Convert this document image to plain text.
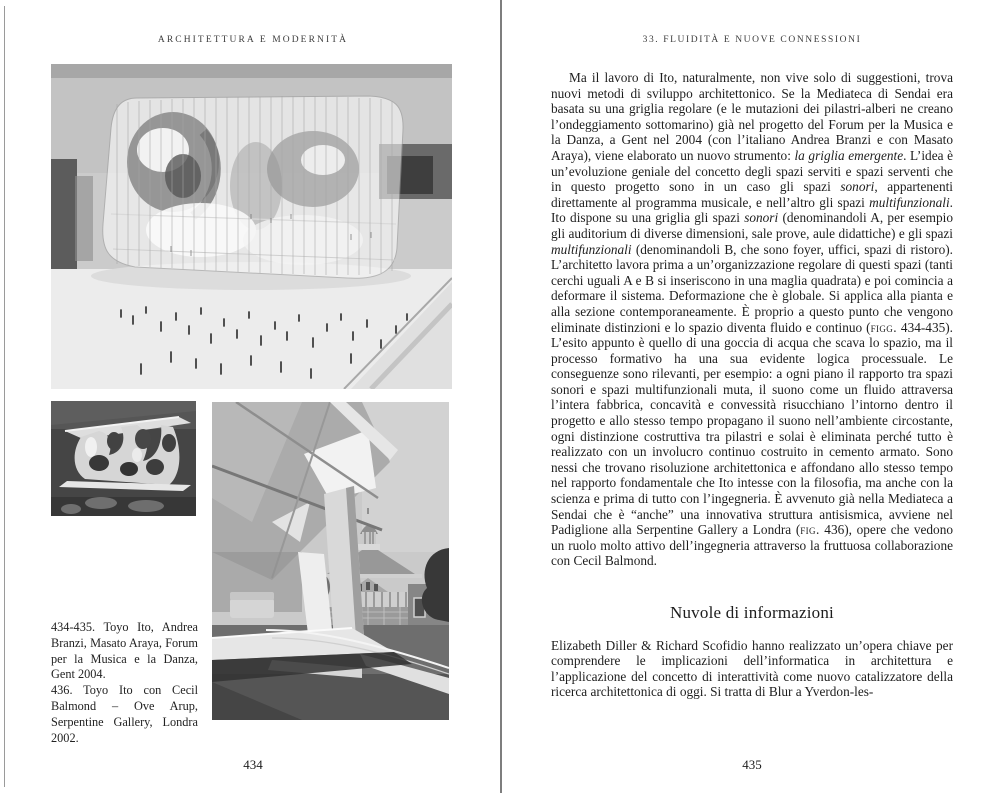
ARCHITETTURA E MODERNITÀ

434-435. Toyo Ito, Andrea Branzi, Masato Araya, Forum per la Musica e la Danza, Gent 2004.

436. Toyo Ito con Cecil Balmond – Ove Arup, Serpentine Gallery, Londra 2002.

434
33. FLUIDITÀ E NUOVE CONNESSIONI

Ma il lavoro di Ito, naturalmente, non vive solo di suggestioni, trova nuovi metodi di sviluppo architettonico. Se la Mediateca di Sendai era basata su una griglia regolare (e le mutazioni dei pilastri-alberi ne creano l’ondeggiamento sottomarino) già nel progetto del Forum per la Musica e la Danza, a Gent nel 2004 (con l’italiano Andrea Branzi e con Masato Araya), viene elaborato un nuovo strumento: la griglia emergente. L’idea è un’evoluzione geniale del concetto degli spazi serviti e spazi serventi che in questo progetto sono in un caso gli spazi sonori, appartenenti direttamente al programma musicale, e nell’altro gli spazi multifunzionali. Ito dispone su una griglia gli spazi sonori (denominandoli A, per esempio gli auditorium di diverse dimensioni, sale prove, aule didattiche) e gli spazi multifunzionali (denominandoli B, che sono foyer, uffici, spazi di ristoro). L’architetto lavora prima a un’organizzazione regolare di questi spazi (tanti cerchi uguali A e B si inseriscono in una maglia quadrata) e poi comincia a deformare il sistema. Deformazione che è globale. Si applica alla pianta e alla sezione contemporaneamente. È proprio a questo punto che vengono eliminate distinzioni e lo spazio diventa fluido e continuo (figg. 434-435). L’esito appunto è quello di una goccia di acqua che scava lo spazio, ma il processo formativo ha una sua evidente logica processuale. Le conseguenze sono rilevanti, per esempio: a ogni piano il rapporto tra spazi sonori e spazi multifunzionali muta, il suono come un fluido attraversa l’intera fabbrica, concavità e convessità risucchiano l’intorno dentro il progetto e allo stesso tempo propagano il suono nell’ambiente circostante, ogni distinzione costruttiva tra pilastri e solai è eliminata perché tutto è realizzato con un involucro continuo costruito in cemento armato. Sono nessi che trovano risoluzione architettonica e affondano allo stesso tempo nel rapporto fondamentale che Ito intesse con la filosofia, ma anche con la scienza e prima di tutto con l’ingegneria. È avvenuto già nella Mediateca a Sendai che è “anche” una innovativa struttura antisismica, avviene nel Padiglione alla Serpentine Gallery a Londra (fig. 436), opere che vedono un ruolo molto attivo dell’ingegneria attraverso la fruttuosa collaborazione con Cecil Balmond.

Nuvole di informazioni

Elizabeth Diller & Richard Scofidio hanno realizzato un’opera chiave per comprendere le implicazioni dell’informatica in architettura e l’applicazione del concetto di interattività come nuovo catalizzatore della ricerca architettonica di oggi. Si tratta di Blur a Yverdon-les-

435
